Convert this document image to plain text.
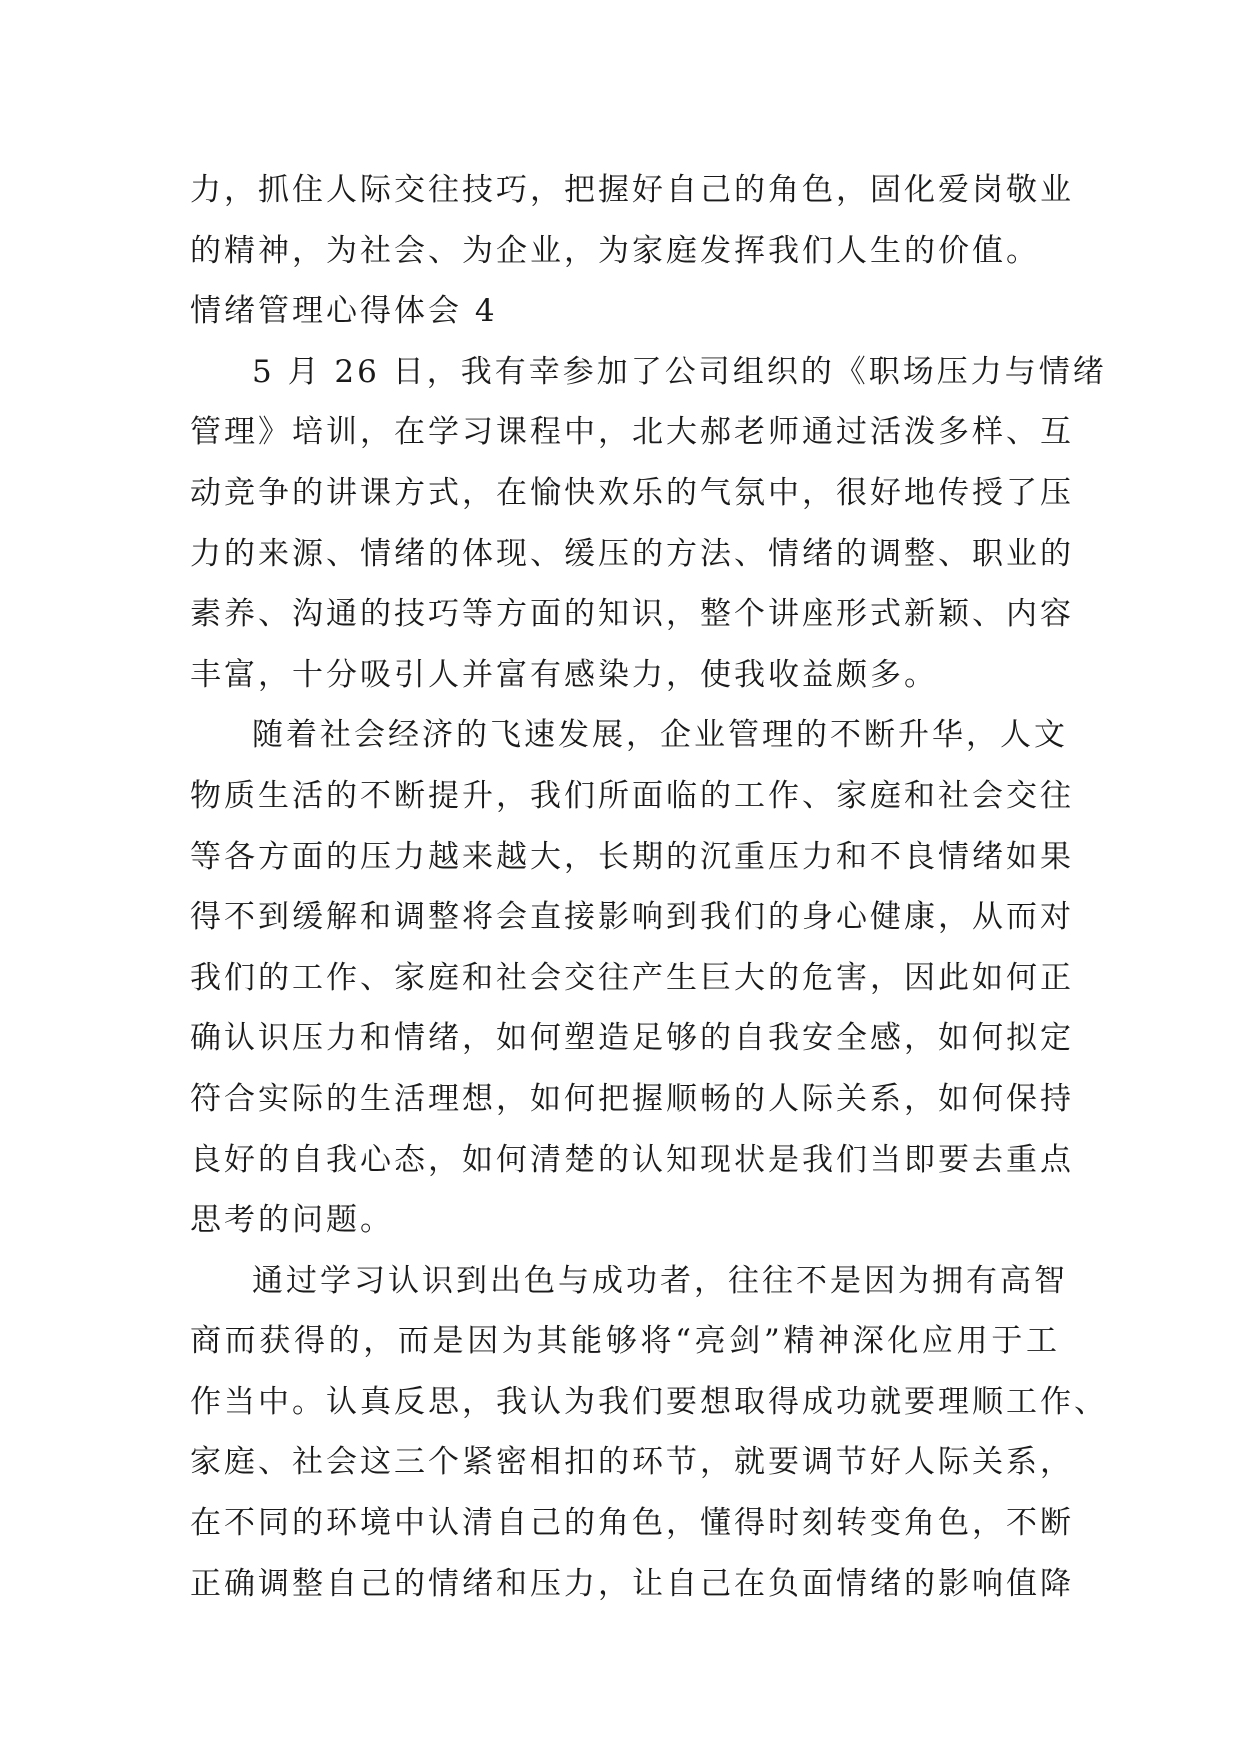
力，抓住人际交往技巧，把握好自己的角色，固化爱岗敬业
的精神，为社会、为企业，为家庭发挥我们人生的价值。
情绪管理心得体会 4
5 月 26 日，我有幸参加了公司组织的《职场压力与情绪
管理》培训，在学习课程中，北大郝老师通过活泼多样、互
动竞争的讲课方式，在愉快欢乐的气氛中，很好地传授了压
力的来源、情绪的体现、缓压的方法、情绪的调整、职业的
素养、沟通的技巧等方面的知识，整个讲座形式新颖、内容
丰富，十分吸引人并富有感染力，使我收益颇多。
随着社会经济的飞速发展，企业管理的不断升华，人文
物质生活的不断提升，我们所面临的工作、家庭和社会交往
等各方面的压力越来越大，长期的沉重压力和不良情绪如果
得不到缓解和调整将会直接影响到我们的身心健康，从而对
我们的工作、家庭和社会交往产生巨大的危害，因此如何正
确认识压力和情绪，如何塑造足够的自我安全感，如何拟定
符合实际的生活理想，如何把握顺畅的人际关系，如何保持
良好的自我心态，如何清楚的认知现状是我们当即要去重点
思考的问题。
通过学习认识到出色与成功者，往往不是因为拥有高智
商而获得的，而是因为其能够将“亮剑”精神深化应用于工
作当中。认真反思，我认为我们要想取得成功就要理顺工作、
家庭、社会这三个紧密相扣的环节，就要调节好人际关系，
在不同的环境中认清自己的角色，懂得时刻转变角色，不断
正确调整自己的情绪和压力，让自己在负面情绪的影响值降
